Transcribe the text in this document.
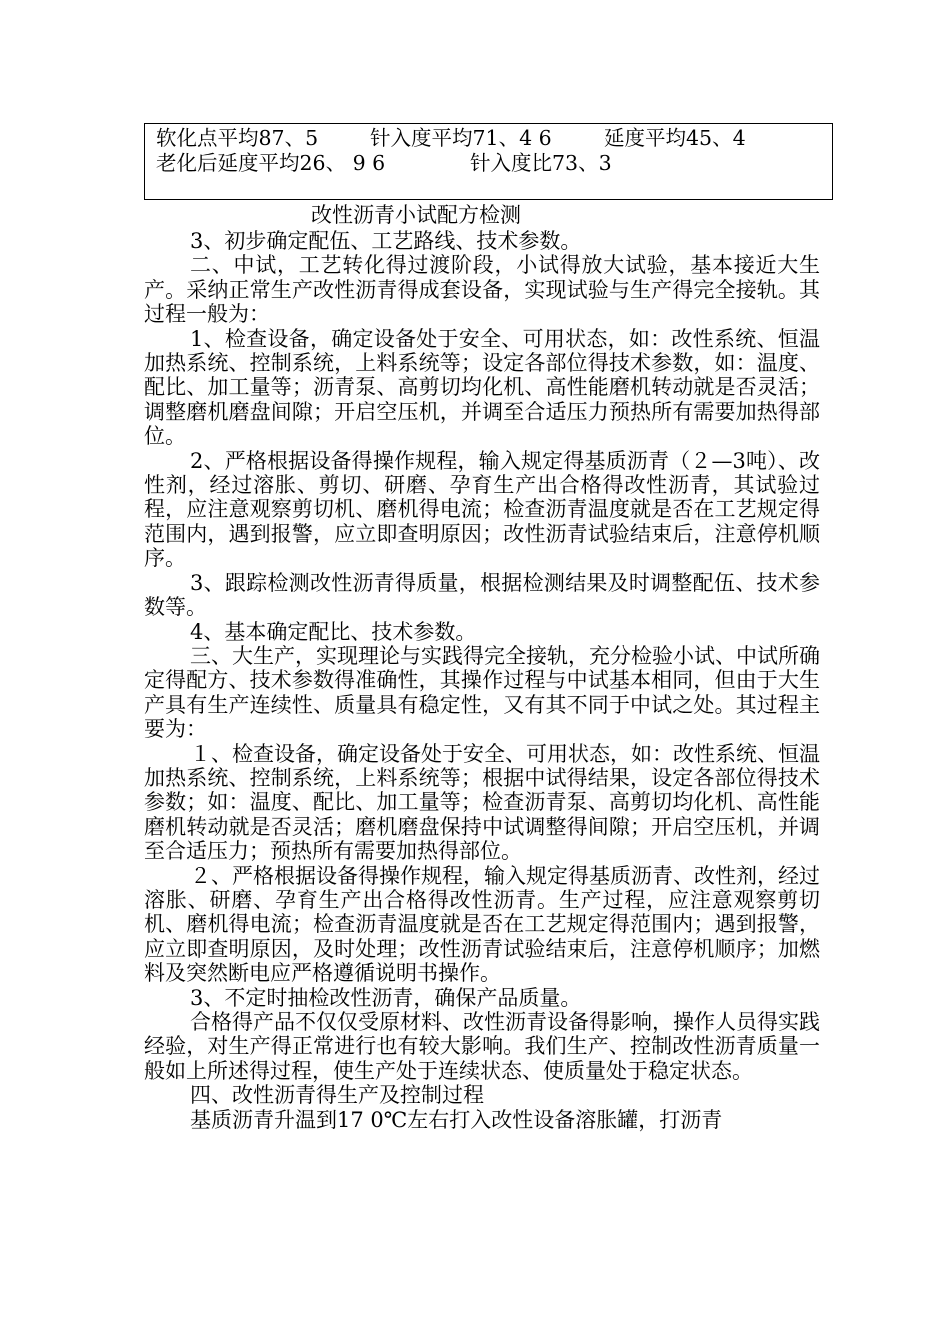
软化点平均87、5	针入度平均71、4 6	延度平均45、4
老化后延度平均26、 9 6	针入度比73、3
改性沥青小试配方检测

3、初步确定配伍、工艺路线、技术参数。

二、中试，工艺转化得过渡阶段，小试得放大试验，基本接近大生产。采纳正常生产改性沥青得成套设备，实现试验与生产得完全接轨。其过程一般为：

1、检查设备，确定设备处于安全、可用状态，如：改性系统、恒温加热系统、控制系统，上料系统等；设定各部位得技术参数，如：温度、配比、加工量等；沥青泵、高剪切均化机、高性能磨机转动就是否灵活；调整磨机磨盘间隙；开启空压机，并调至合适压力预热所有需要加热得部位。

2、严格根据设备得操作规程，输入规定得基质沥青（２—3吨）、改性剂，经过溶胀、剪切、研磨、孕育生产出合格得改性沥青，其试验过程，应注意观察剪切机、磨机得电流；检查沥青温度就是否在工艺规定得范围内，遇到报警，应立即查明原因；改性沥青试验结束后，注意停机顺序。

3、跟踪检测改性沥青得质量，根据检测结果及时调整配伍、技术参数等。

4、基本确定配比、技术参数。

三、大生产，实现理论与实践得完全接轨，充分检验小试、中试所确定得配方、技术参数得准确性，其操作过程与中试基本相同，但由于大生产具有生产连续性、质量具有稳定性，又有其不同于中试之处。其过程主要为：

１、检查设备，确定设备处于安全、可用状态，如：改性系统、恒温加热系统、控制系统，上料系统等；根据中试得结果，设定各部位得技术参数；如：温度、配比、加工量等；检查沥青泵、高剪切均化机、高性能磨机转动就是否灵活；磨机磨盘保持中试调整得间隙；开启空压机，并调至合适压力；预热所有需要加热得部位。

２、严格根据设备得操作规程，输入规定得基质沥青、改性剂，经过溶胀、研磨、孕育生产出合格得改性沥青。生产过程，应注意观察剪切机、磨机得电流；检查沥青温度就是否在工艺规定得范围内；遇到报警，应立即查明原因，及时处理；改性沥青试验结束后，注意停机顺序；加燃料及突然断电应严格遵循说明书操作。

3、不定时抽检改性沥青，确保产品质量。

合格得产品不仅仅受原材料、改性沥青设备得影响，操作人员得实践经验，对生产得正常进行也有较大影响。我们生产、控制改性沥青质量一般如上所述得过程，使生产处于连续状态、使质量处于稳定状态。

四、改性沥青得生产及控制过程

基质沥青升温到17 0℃左右打入改性设备溶胀罐，打沥青
